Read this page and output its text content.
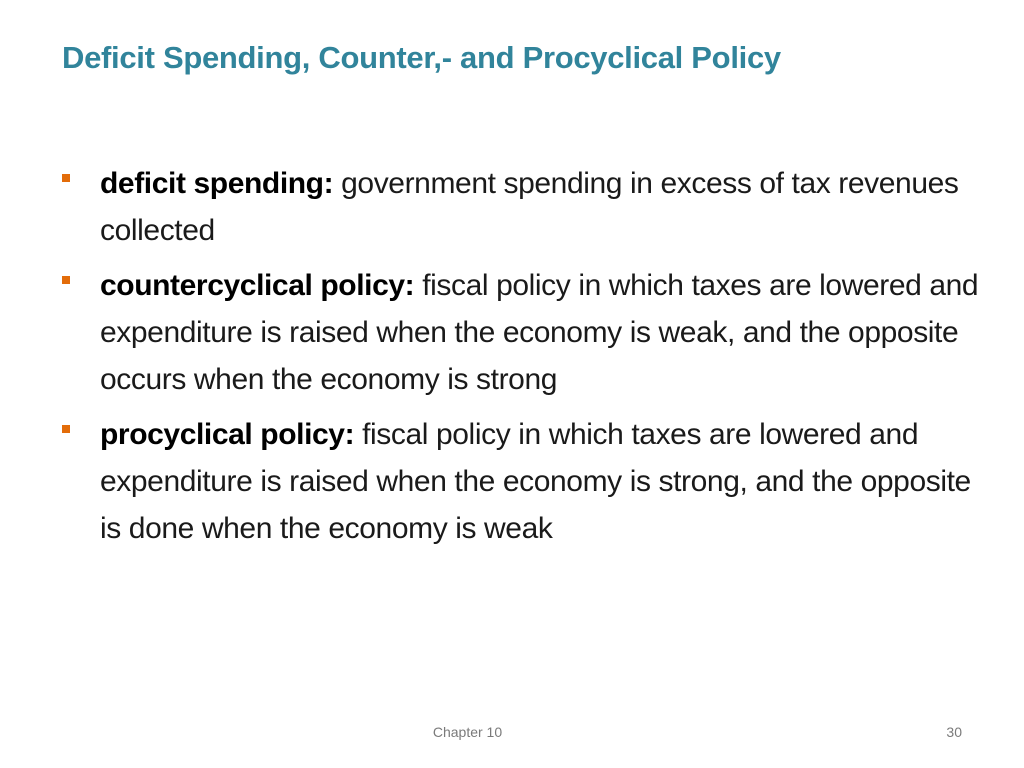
Deficit Spending, Counter,- and Procyclical Policy
deficit spending: government spending in excess of tax revenues collected
countercyclical policy: fiscal policy in which taxes are lowered and expenditure is raised when the economy is weak, and the opposite occurs when the economy is strong
procyclical policy: fiscal policy in which taxes are lowered and expenditure is raised when the economy is strong, and the opposite is done when the economy is weak
Chapter 10	30
